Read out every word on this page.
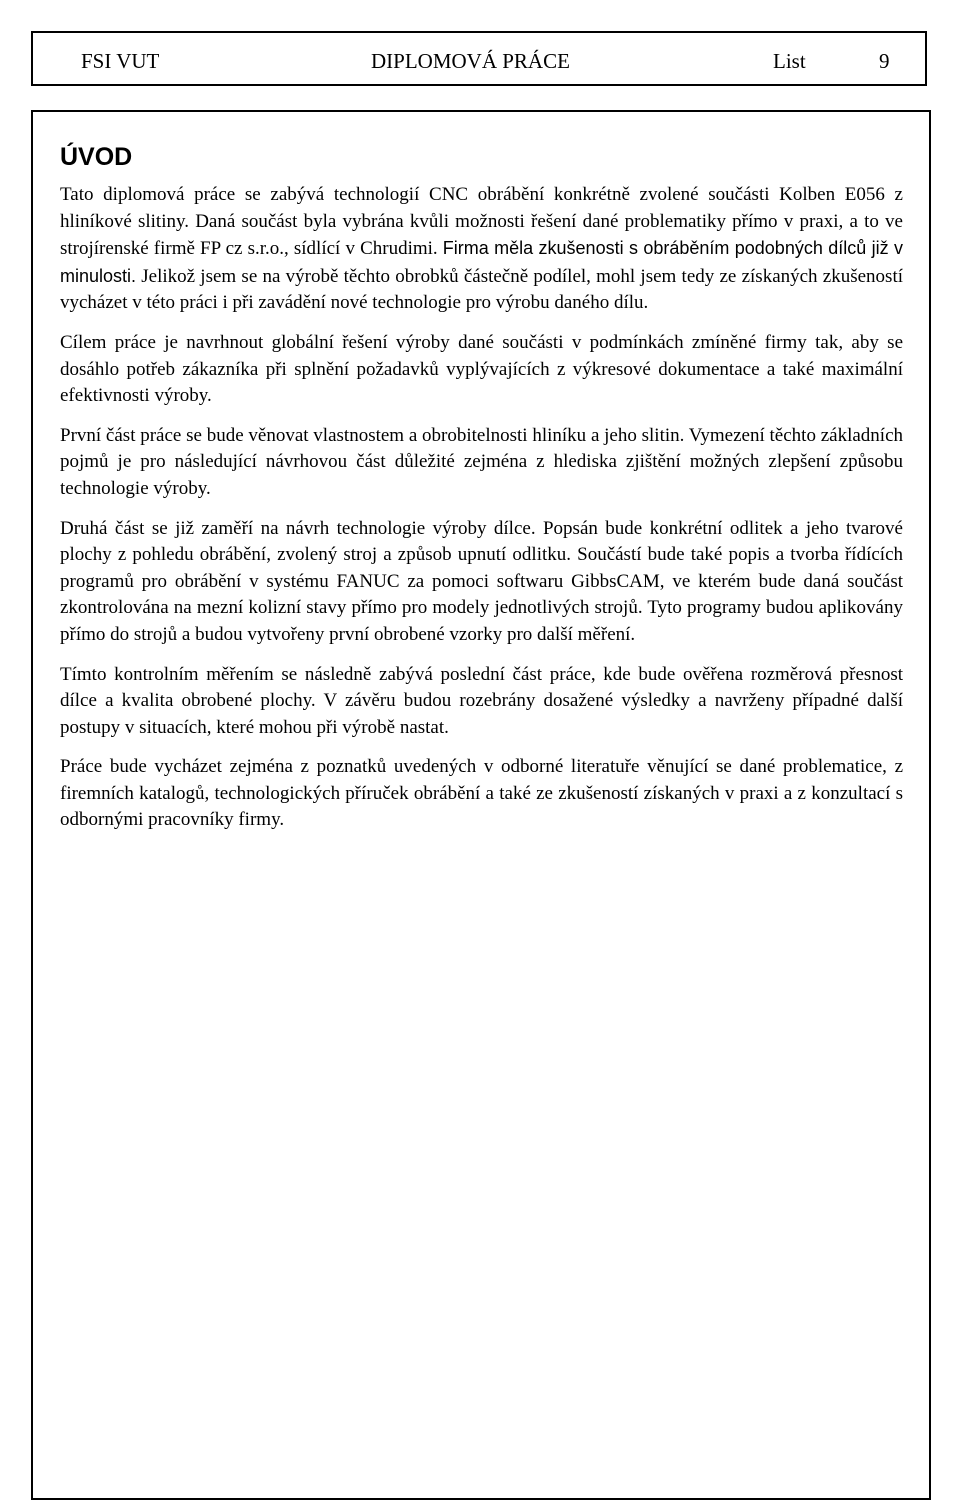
FSI VUT	DIPLOMOVÁ PRÁCE	List	9
ÚVOD

Tato diplomová práce se zabývá technologií CNC obrábění konkrétně zvolené součásti Kolben E056 z hliníkové slitiny. Daná součást byla vybrána kvůli možnosti řešení dané problematiky přímo v praxi, a to ve strojírenské firmě FP cz s.r.o., sídlící v Chrudimi. Firma měla zkušenosti s obráběním podobných dílců již v minulosti. Jelikož jsem se na výrobě těchto obrobků částečně podílel, mohl jsem tedy ze získaných zkušeností vycházet v této práci i při zavádění nové technologie pro výrobu daného dílu.

Cílem práce je navrhnout globální řešení výroby dané součásti v podmínkách zmíněné firmy tak, aby se dosáhlo potřeb zákazníka při splnění požadavků vyplývajících z výkresové dokumentace a také maximální efektivnosti výroby.

První část práce se bude věnovat vlastnostem a obrobitelnosti hliníku a jeho slitin. Vymezení těchto základních pojmů je pro následující návrhovou část důležité zejména z hlediska zjištění možných zlepšení způsobu technologie výroby.

Druhá část se již zaměří na návrh technologie výroby dílce. Popsán bude konkrétní odlitek a jeho tvarové plochy z pohledu obrábění, zvolený stroj a způsob upnutí odlitku. Součástí bude také popis a tvorba řídících programů pro obrábění v systému FANUC za pomoci softwaru GibbsCAM, ve kterém bude daná součást zkontrolována na mezní kolizní stavy přímo pro modely jednotlivých strojů. Tyto programy budou aplikovány přímo do strojů a budou vytvořeny první obrobené vzorky pro další měření.

Tímto kontrolním měřením se následně zabývá poslední část práce, kde bude ověřena rozměrová přesnost dílce a kvalita obrobené plochy. V závěru budou rozebrány dosažené výsledky a navrženy případné další postupy v situacích, které mohou při výrobě nastat.

Práce bude vycházet zejména z poznatků uvedených v odborné literatuře věnující se dané problematice, z firemních katalogů, technologických příruček obrábění a také ze zkušeností získaných v praxi a z konzultací s odbornými pracovníky firmy.
